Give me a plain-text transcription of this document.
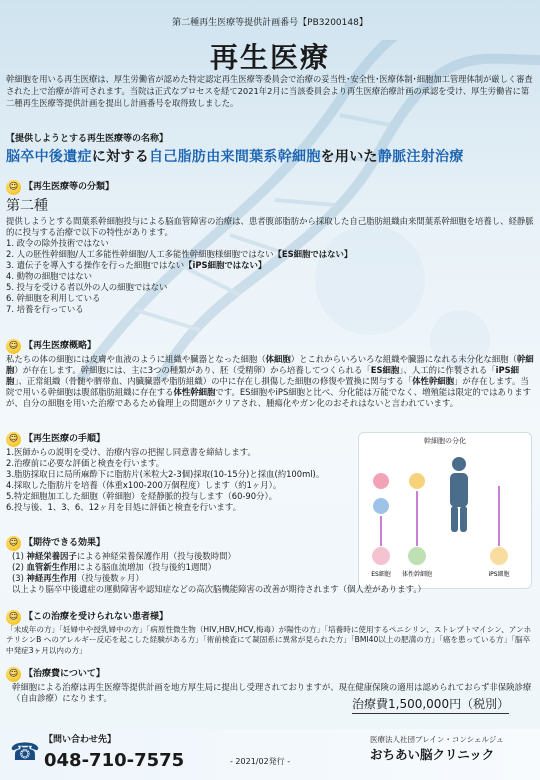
第二種再生医療等提供計画番号【PB3200148】
再生医療
幹細胞を用いる再生医療は、厚生労働省が認めた特定認定再生医療等委員会で治療の妥当性･安全性･医療体制･細胞加工管理体制が厳しく審査された上で治療が許可されます。当院は正式なプロセスを経て2021年2月に当該委員会より再生医療治療計画の承認を受け、厚生労働省に第二種再生医療等提供計画を提出し計画番号を取得致しました。
【提供しようとする再生医療等の名称】
脳卒中後遺症に対する自己脂肪由来間葉系幹細胞を用いた静脈注射治療
☺ 【再生医療等の分類】
第二種
提供しようとする間葉系幹細胞投与による脳血管障害の治療は、患者腹部脂肪から採取した自己脂肪組織由来間葉系幹細胞を培養し、経静脈的に投与する治療で以下の特性があります。
1. 政令の除外技術ではない
2. 人の胚性幹細胞/人工多能性幹細胞/人工多能性幹細胞様細胞ではない【ES細胞ではない】
3. 遺伝子を導入する操作を行った細胞ではない【iPS細胞ではない】
4. 動物の細胞ではない
5. 投与を受ける者以外の人の細胞ではない
6. 幹細胞を利用している
7. 培養を行っている
☺ 【再生医療概略】
私たちの体の細胞には皮膚や血液のように組織や臓器となった細胞（体細胞）とこれからいろいろな組織や臓器になれる未分化な細胞（幹細胞）が存在します。幹細胞には、主に3つの種類があり、胚（受精卵）から培養してつくられる「ES細胞」、人工的に作製される「iPS細胞」、正常組織（骨髄や臍帯血、内臓臓器や脂肪組織）の中に存在し損傷した細胞の修復や置換に関与する「体性幹細胞」が存在します。当院で用いる幹細胞は腹部脂肪組織に存在する体性幹細胞です。ES細胞やiPS細胞と比べ、分化能は万能でなく、増殖能は限定的ではありますが、自分の細胞を用いた治療であるため倫理上の問題がクリアされ、腫瘍化やガン化のおそれはないと言われています。
☺ 【再生医療の手順】
1.医師からの説明を受け、治療内容の把握し同意書を締結します。
2.治療前に必要な評価と検査を行います。
3.脂肪採取日に局所麻酔下に脂肪片(米粒大2-3個)採取(10-15分)と採血(約100ml)。
4.採取した脂肪片を培養（体重x100-200万個程度）します（約1ヶ月）。
5.特定細胞加工した細胞（幹細胞）を経静脈的投与します（60-90分）。
6.投与後、1、3、6、12ヶ月を目処に評価と検査を行います。
幹細胞の分化
ES細胞 体性幹細胞	iPS細胞
☺ 【期待できる効果】
(1) 神経栄養因子による神経栄養保護作用（投与後数時間）
(2) 血管新生作用による脳血流増加（投与後約1週間）
(3) 神経再生作用（投与後数ヶ月）
以上より脳卒中後遺症の運動障害や認知症などの高次脳機能障害の改善が期待されます（個人差があります。）
☺ 【この治療を受けられない患者様】
「未成年の方」「妊婦中や授乳婦中の方」「病原性微生物（HIV,HBV,HCV,梅毒）が陽性の方」「培養時に使用するペニシリン、ストレプトマイシン、アンホテリシンB へのアレルギー反応を起こした経験がある方」「術前検査にて凝固系に異常が見られた方」「BMI40以上の肥満の方」「癌を患っている方」「脳卒中発症3ヶ月以内の方」
☺ 【治療費について】
幹細胞による治療は再生医療等提供計画を地方厚生局に提出し受理されておりますが、現在健康保険の適用は認められておらず非保険診療（自由診療）になります。	治療費1,500,000円（税別）
☎ 【問い合わせ先】
048-710-7575	- 2021/02発行 -
医療法人社団ブレイン・コンシェルジュ
おちあい脳クリニック
